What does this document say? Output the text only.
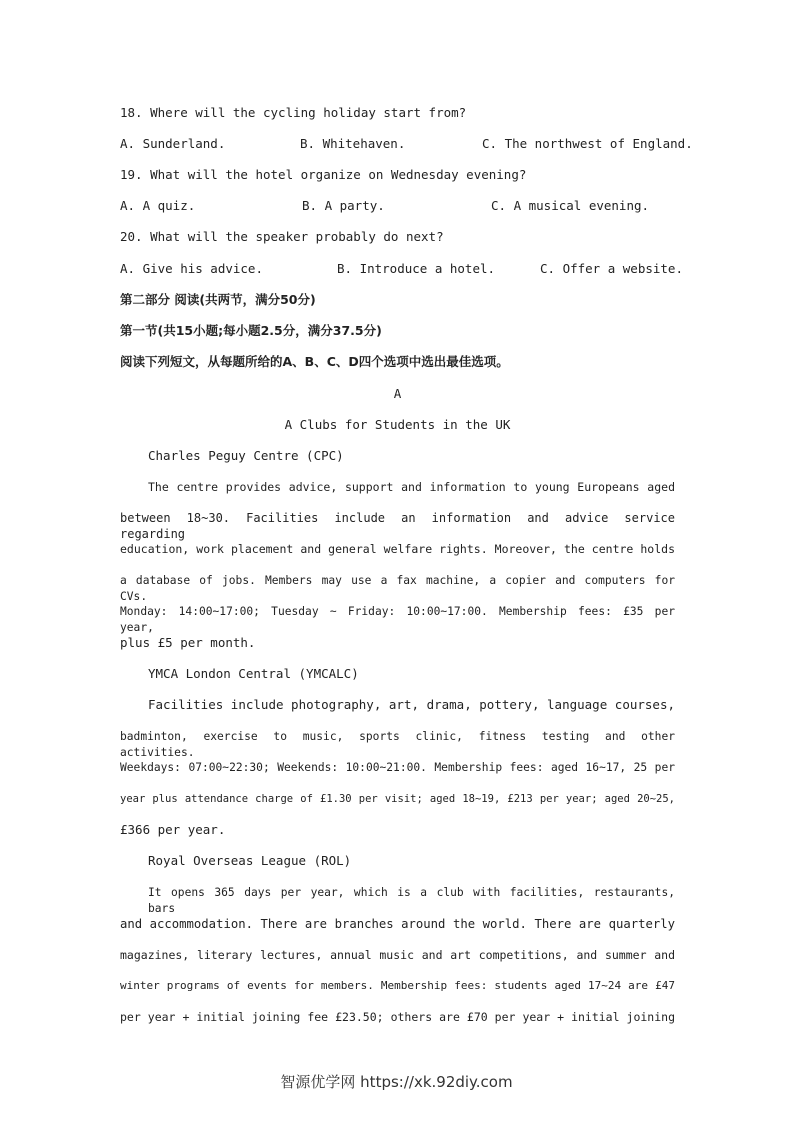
18. Where will the cycling holiday start from?
A. Sunderland.	B. Whitehaven.	C. The northwest of England.
19. What will the hotel organize on Wednesday evening?
A. A quiz.	B. A party.	C. A musical evening.
20. What will the speaker probably do next?
A. Give his advice.	B. Introduce a hotel.	C. Offer a website.
第二部分 阅读(共两节，满分50分)
第一节(共15小题;每小题2.5分，满分37.5分)
阅读下列短文，从每题所给的A、B、C、D四个选项中选出最佳选项。
A
A Clubs for Students in the UK
Charles Peguy Centre (CPC)
The centre provides advice, support and information to young Europeans aged
between 18~30. Facilities include an information and advice service regarding
education, work placement and general welfare rights. Moreover, the centre holds
a database of jobs. Members may use a fax machine, a copier and computers for CVs.
Monday: 14:00~17:00; Tuesday ~ Friday: 10:00~17:00. Membership fees: £35 per year,
plus £5 per month.
YMCA London Central (YMCALC)
Facilities include photography, art, drama, pottery, language courses,
badminton, exercise to music, sports clinic, fitness testing and other activities.
Weekdays: 07:00~22:30; Weekends: 10:00~21:00. Membership fees: aged 16~17, 25 per
year plus attendance charge of £1.30 per visit; aged 18~19, £213 per year; aged 20~25,
£366 per year.
Royal Overseas League (ROL)
It opens 365 days per year, which is a club with facilities, restaurants, bars
and accommodation. There are branches around the world. There are quarterly
magazines, literary lectures, annual music and art competitions, and summer and
winter programs of events for members. Membership fees: students aged 17~24 are £47
per year + initial joining fee £23.50; others are £70 per year + initial joining
智源优学网 https://xk.92diy.com
